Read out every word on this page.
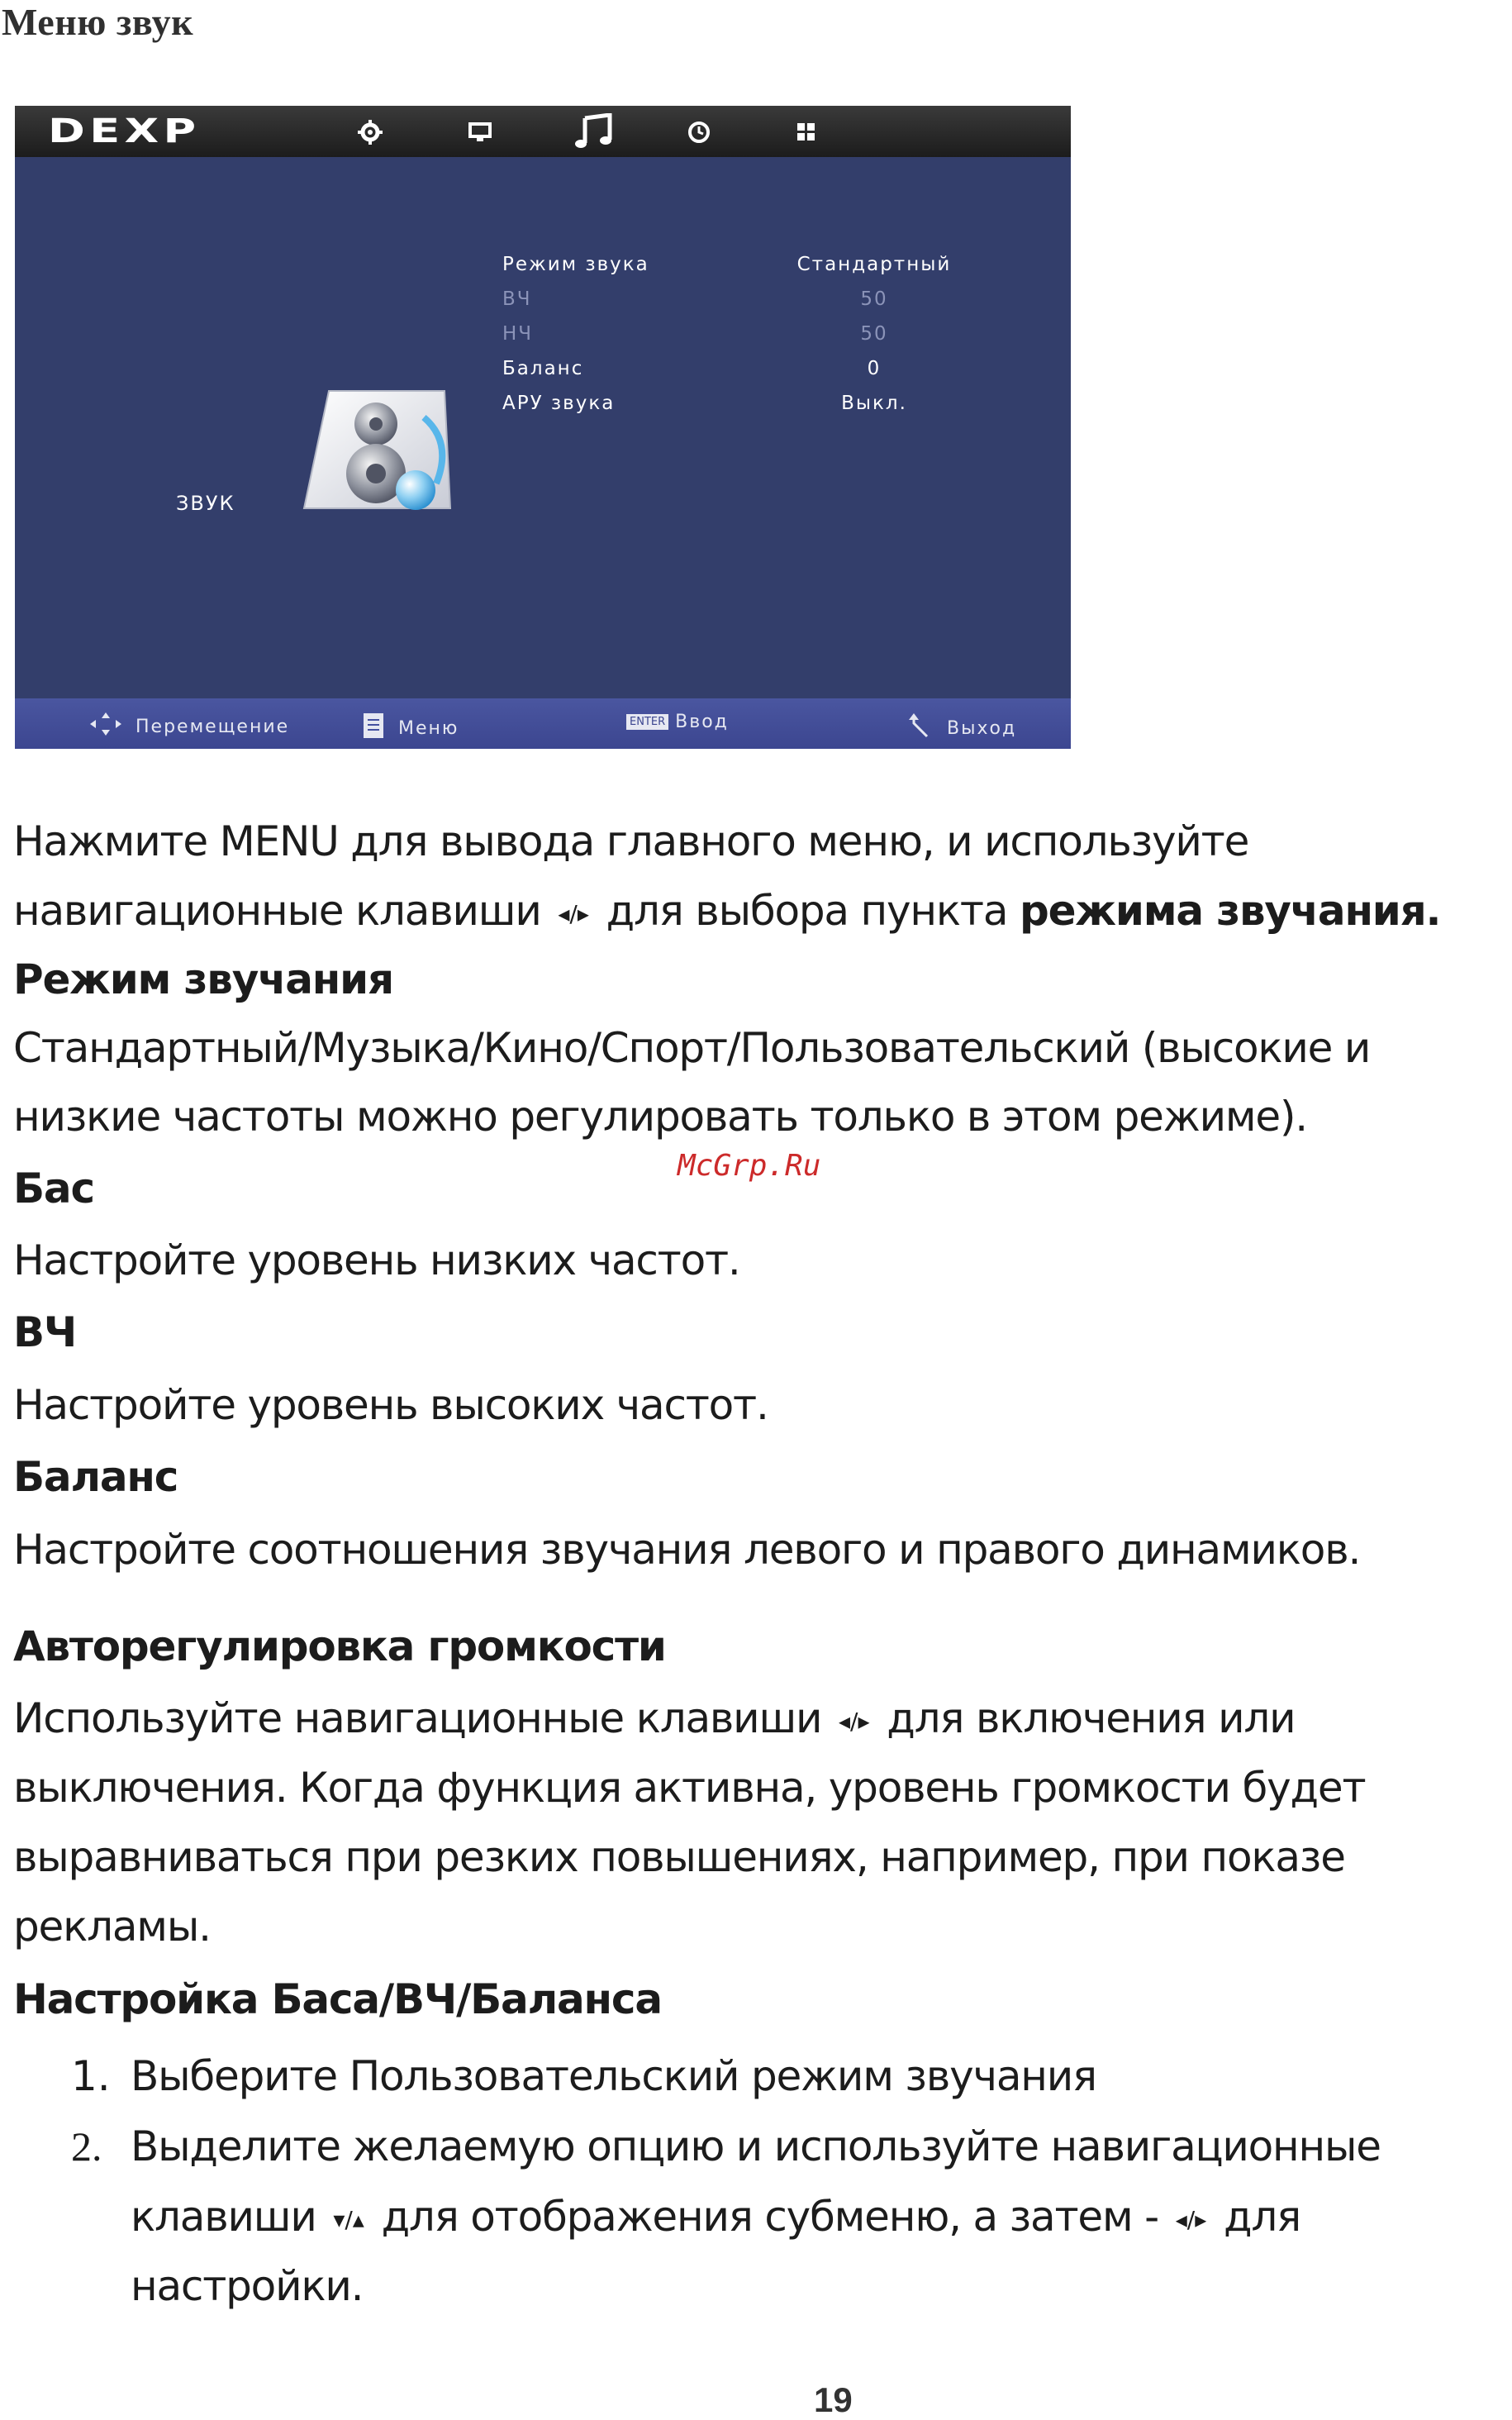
Меню звук
DEXP
ЗВУК
Режим звука	Стандартный
ВЧ	50
НЧ	50
Баланс	0
АРУ звука	Выкл.
Перемещение	Меню	ENTER Ввод	Выход
Нажмите MENU для вывода главного меню, и используйте
навигационные клавиши ◂/▸ для выбора пункта режима звучания.
Режим звучания
Стандартный/Музыка/Кино/Спорт/Пользовательский (высокие и
низкие частоты можно регулировать только в этом режиме).
Бас
Настройте уровень низких частот.
ВЧ
Настройте уровень высоких частот.
Баланс
Настройте соотношения звучания левого и правого динамиков.
Авторегулировка громкости
Используйте навигационные клавиши ◂/▸ для включения или
выключения. Когда функция активна, уровень громкости будет
выравниваться при резких повышениях, например, при показе
рекламы.
Настройка Баса/ВЧ/Баланса
1. Выберите Пользовательский режим звучания
2. Выделите желаемую опцию и используйте навигационные
клавиши ▾/▴ для отображения субменю, а затем - ◂/▸ для
настройки.
McGrp.Ru
19
